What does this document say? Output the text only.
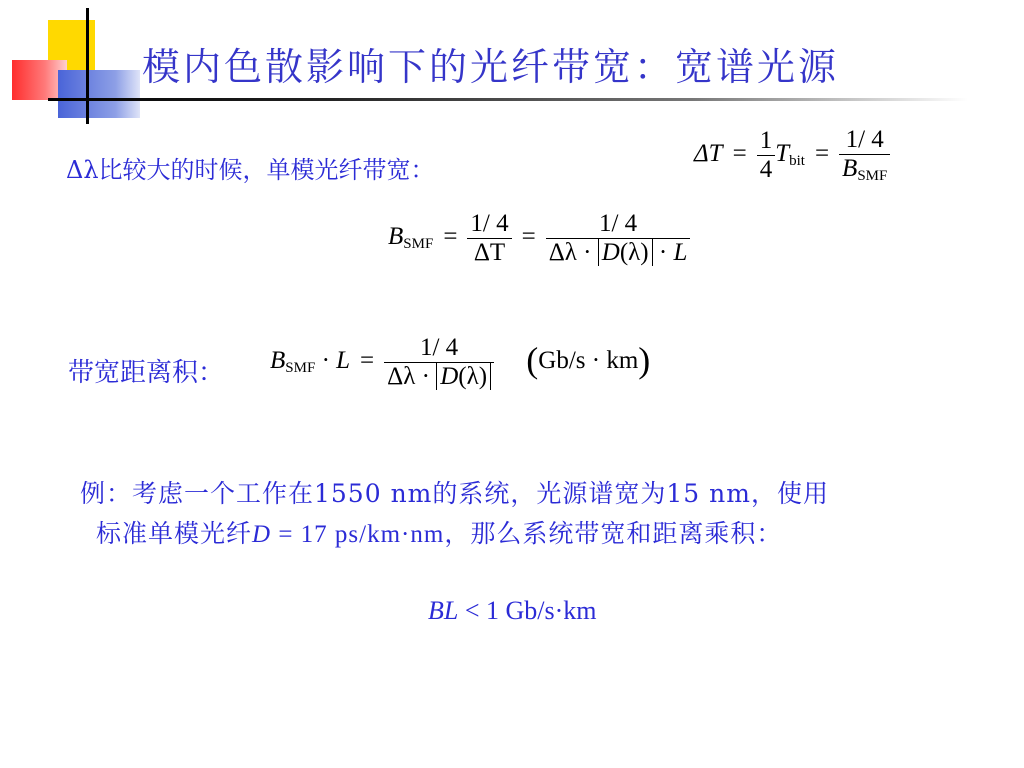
模内色散影响下的光纤带宽：宽谱光源
Δλ比较大的时候，单模光纤带宽：
$\Delta T = \frac{1}{4} T_{bit} = \frac{1/ 4}{B_{SMF}}$
$B_{SMF} = \frac{1/ 4}{\Delta T} = \frac{1/ 4}{\Delta\lambda \cdot D(\lambda) \cdot L}$
带宽距离积： $B_{SMF} \cdot L = \frac{1/ 4}{\Delta\lambda \cdot D(\lambda)} (Gb/s \cdot km)$
例：考虑一个工作在1550 nm的系统，光源谱宽为15 nm，使用
标准单模光纤D = 17 ps/km·nm，那么系统带宽和距离乘积：
BL < 1 Gb/s·km
